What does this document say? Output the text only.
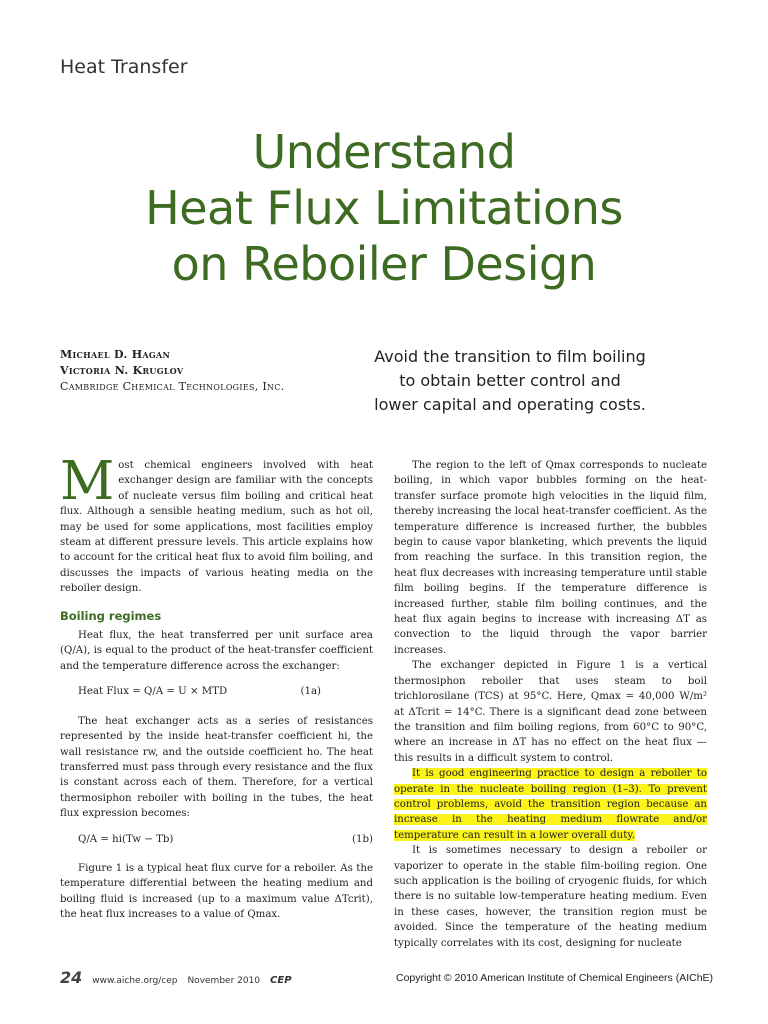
Heat Transfer
Understand
Heat Flux Limitations
on Reboiler Design
Michael D. Hagan
Victoria N. Kruglov
Cambridge Chemical Technologies, Inc.
Avoid the transition to film boiling
to obtain better control and
lower capital and operating costs.

Most chemical engineers involved with heat exchanger design are familiar with the concepts of nucleate versus film boiling and critical heat flux. Although a sensible heating medium, such as hot oil, may be used for some applications, most facilities employ steam at different pressure levels. This article explains how to account for the critical heat flux to avoid film boiling, and discusses the impacts of various heating media on the reboiler design.

Boiling regimes

Heat flux, the heat transferred per unit surface area (Q/A), is equal to the product of the heat-transfer coefficient and the temperature difference across the exchanger:

Heat Flux = Q/A = U × MTD	(1a)

The heat exchanger acts as a series of resistances represented by the inside heat-transfer coefficient hi, the wall resistance rw, and the outside coefficient ho. The heat transferred must pass through every resistance and the flux is constant across each of them. Therefore, for a vertical thermosiphon reboiler with boiling in the tubes, the heat flux expression becomes:

Q/A = hi(Tw − Tb)	(1b)

Figure 1 is a typical heat flux curve for a reboiler. As the temperature differential between the heating medium and boiling fluid is increased (up to a maximum value ΔTcrit), the heat flux increases to a value of Qmax.

The region to the left of Qmax corresponds to nucleate boiling, in which vapor bubbles forming on the heat-transfer surface promote high velocities in the liquid film, thereby increasing the local heat-transfer coefficient. As the temperature difference is increased further, the bubbles begin to cause vapor blanketing, which prevents the liquid from reaching the surface. In this transition region, the heat flux decreases with increasing temperature until stable film boiling begins. If the temperature difference is increased further, stable film boiling continues, and the heat flux again begins to increase with increasing ΔT as convection to the liquid through the vapor barrier increases.

The exchanger depicted in Figure 1 is a vertical thermosiphon reboiler that uses steam to boil trichlorosilane (TCS) at 95°C. Here, Qmax = 40,000 W/m² at ΔTcrit = 14°C. There is a significant dead zone between the transition and film boiling regions, from 60°C to 90°C, where an increase in ΔT has no effect on the heat flux — this results in a difficult system to control.

It is good engineering practice to design a reboiler to operate in the nucleate boiling region (1–3). To prevent control problems, avoid the transition region because an increase in the heating medium flowrate and/or temperature can result in a lower overall duty.

It is sometimes necessary to design a reboiler or vaporizer to operate in the stable film-boiling region. One such application is the boiling of cryogenic fluids, for which there is no suitable low-temperature heating medium. Even in these cases, however, the transition region must be avoided. Since the temperature of the heating medium typically correlates with its cost, designing for nucleate

24 www.aiche.org/cep November 2010 CEP	Copyright © 2010 American Institute of Chemical Engineers (AIChE)
